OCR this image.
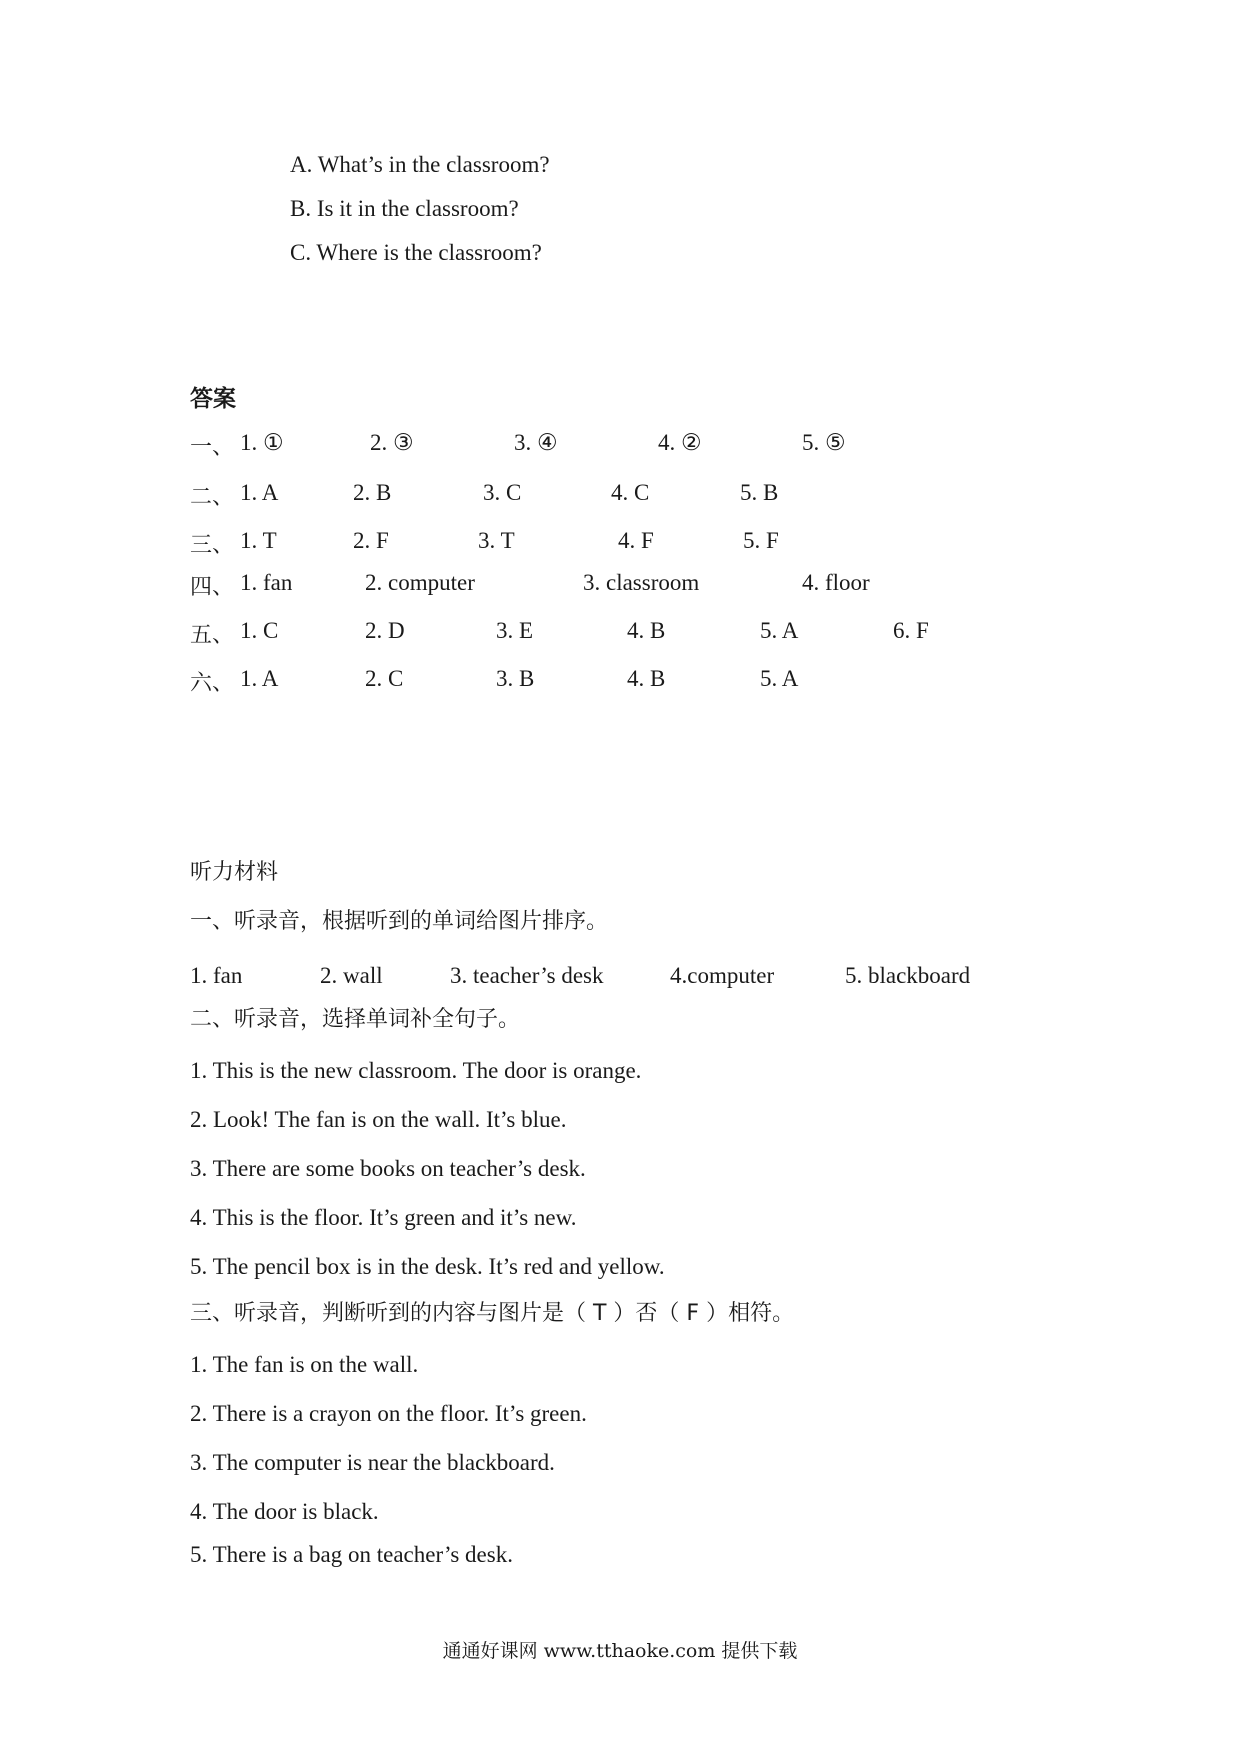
A. What’s in the classroom?
B. Is it in the classroom?
C. Where is the classroom?
答案
一、 1. ①	2. ③	3. ④	4. ②	5. ⑤
二、 1. A	2. B	3. C	4. C	5. B
三、 1. T	2. F	3. T	4. F	5. F
四、 1. fan	2. computer	3. classroom	4. floor
五、 1. C	2. D	3. E	4. B	5. A	6. F
六、 1. A	2. C	3. B	4. B	5. A
听力材料
一、听录音，根据听到的单词给图片排序。
1. fan	2. wall	3. teacher’s desk	4.computer	5. blackboard
二、听录音，选择单词补全句子。
1. This is the new classroom. The door is orange.
2. Look! The fan is on the wall. It’s blue.
3. There are some books on teacher’s desk.
4. This is the floor. It’s green and it’s new.
5. The pencil box is in the desk. It’s red and yellow.
三、听录音，判断听到的内容与图片是（ T ）否（ F ）相符。
1. The fan is on the wall.
2. There is a crayon on the floor. It’s green.
3. The computer is near the blackboard.
4. The door is black.
5. There is a bag on teacher’s desk.
通通好课网 www.tthaoke.com 提供下载
